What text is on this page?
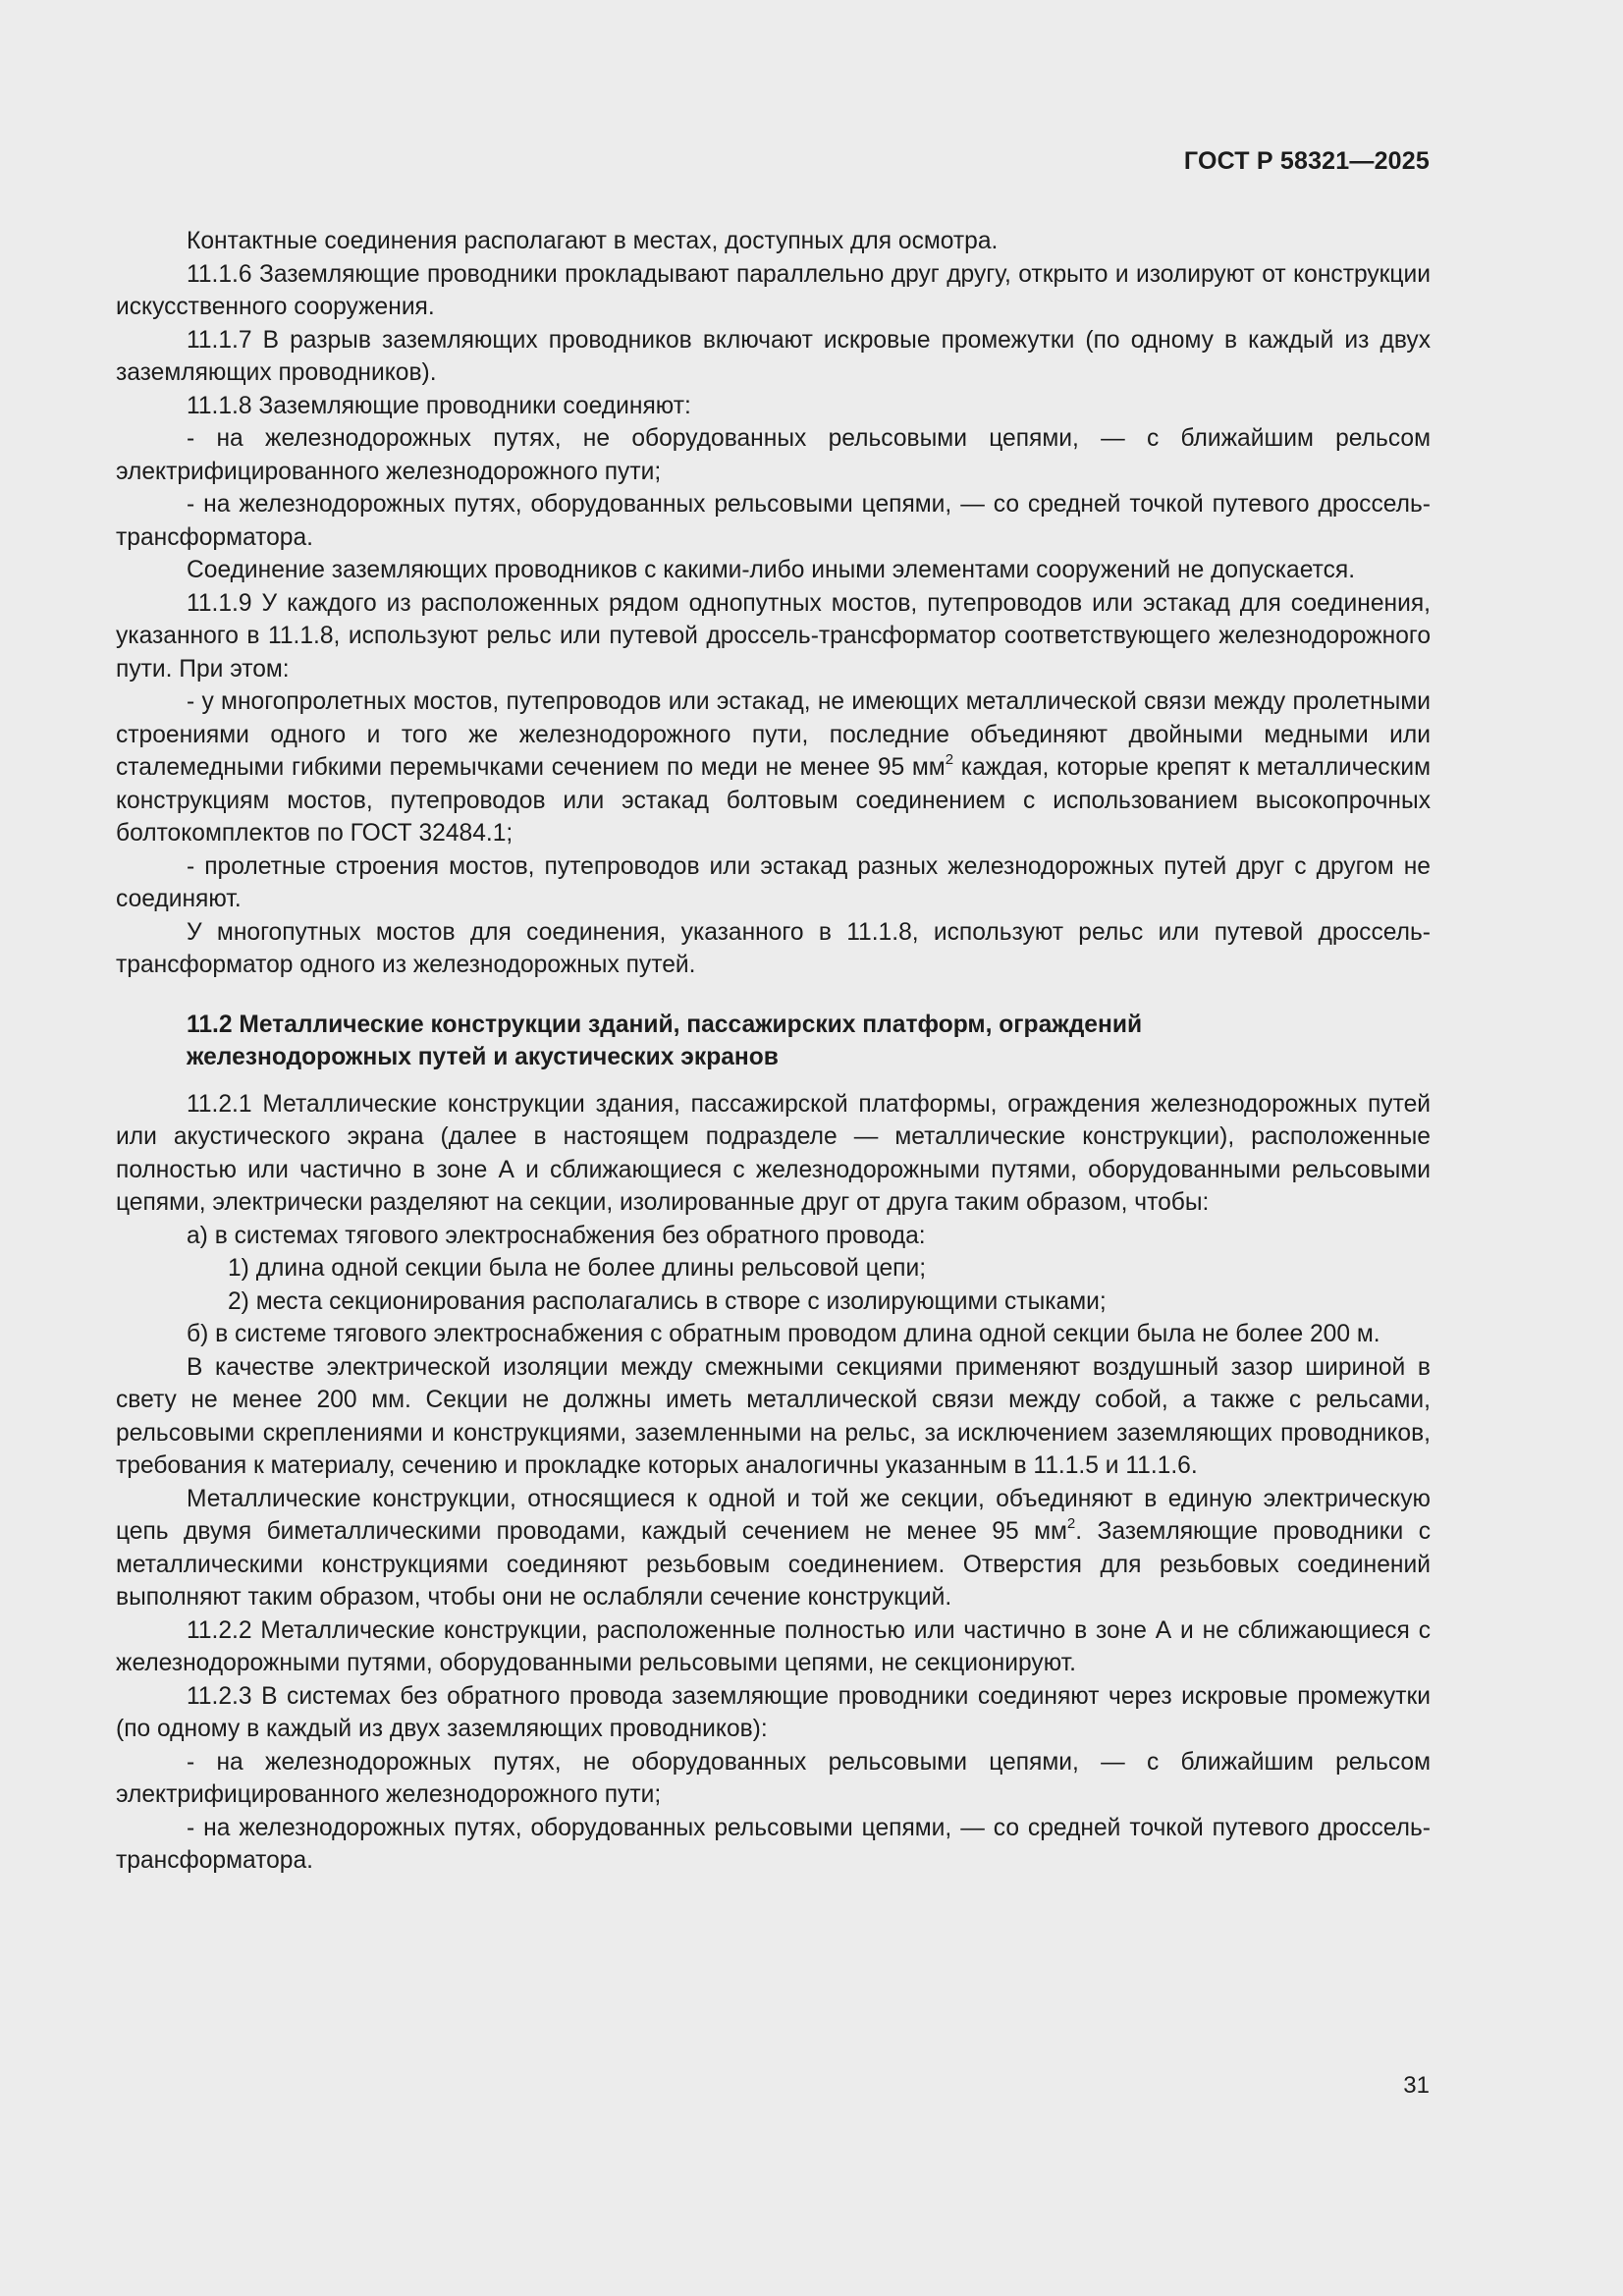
ГОСТ Р 58321—2025

Контактные соединения располагают в местах, доступных для осмотра.

11.1.6 Заземляющие проводники прокладывают параллельно друг другу, открыто и изолируют от конструкции искусственного сооружения.

11.1.7 В разрыв заземляющих проводников включают искровые промежутки (по одному в каждый из двух заземляющих проводников).

11.1.8 Заземляющие проводники соединяют:

- на железнодорожных путях, не оборудованных рельсовыми цепями, — с ближайшим рельсом электрифицированного железнодорожного пути;

- на железнодорожных путях, оборудованных рельсовыми цепями, — со средней точкой путевого дроссель-трансформатора.

Соединение заземляющих проводников с какими-либо иными элементами сооружений не допускается.

11.1.9 У каждого из расположенных рядом однопутных мостов, путепроводов или эстакад для соединения, указанного в 11.1.8, используют рельс или путевой дроссель-трансформатор соответствующего железнодорожного пути. При этом:

- у многопролетных мостов, путепроводов или эстакад, не имеющих металлической связи между пролетными строениями одного и того же железнодорожного пути, последние объединяют двойными медными или сталемедными гибкими перемычками сечением по меди не менее 95 $мм^2$ каждая, которые крепят к металлическим конструкциям мостов, путепроводов или эстакад болтовым соединением с использованием высокопрочных болтокомплектов по ГОСТ 32484.1;

- пролетные строения мостов, путепроводов или эстакад разных железнодорожных путей друг с другом не соединяют.

У многопутных мостов для соединения, указанного в 11.1.8, используют рельс или путевой дроссель-трансформатор одного из железнодорожных путей.

11.2 Металлические конструкции зданий, пассажирских платформ, ограждений
железнодорожных путей и акустических экранов

11.2.1 Металлические конструкции здания, пассажирской платформы, ограждения железнодорожных путей или акустического экрана (далее в настоящем подразделе — металлические конструкции), расположенные полностью или частично в зоне А и сближающиеся с железнодорожными путями, оборудованными рельсовыми цепями, электрически разделяют на секции, изолированные друг от друга таким образом, чтобы:

а) в системах тягового электроснабжения без обратного провода:

1) длина одной секции была не более длины рельсовой цепи;

2) места секционирования располагались в створе с изолирующими стыками;

б) в системе тягового электроснабжения с обратным проводом длина одной секции была не более 200 м.

В качестве электрической изоляции между смежными секциями применяют воздушный зазор шириной в свету не менее 200 мм. Секции не должны иметь металлической связи между собой, а также с рельсами, рельсовыми скреплениями и конструкциями, заземленными на рельс, за исключением заземляющих проводников, требования к материалу, сечению и прокладке которых аналогичны указанным в 11.1.5 и 11.1.6.

Металлические конструкции, относящиеся к одной и той же секции, объединяют в единую электрическую цепь двумя биметаллическими проводами, каждый сечением не менее 95 $мм^2$. Заземляющие проводники с металлическими конструкциями соединяют резьбовым соединением. Отверстия для резьбовых соединений выполняют таким образом, чтобы они не ослабляли сечение конструкций.

11.2.2 Металлические конструкции, расположенные полностью или частично в зоне А и не сближающиеся с железнодорожными путями, оборудованными рельсовыми цепями, не секционируют.

11.2.3 В системах без обратного провода заземляющие проводники соединяют через искровые промежутки (по одному в каждый из двух заземляющих проводников):

- на железнодорожных путях, не оборудованных рельсовыми цепями, — с ближайшим рельсом электрифицированного железнодорожного пути;

- на железнодорожных путях, оборудованных рельсовыми цепями, — со средней точкой путевого дроссель-трансформатора.

31
